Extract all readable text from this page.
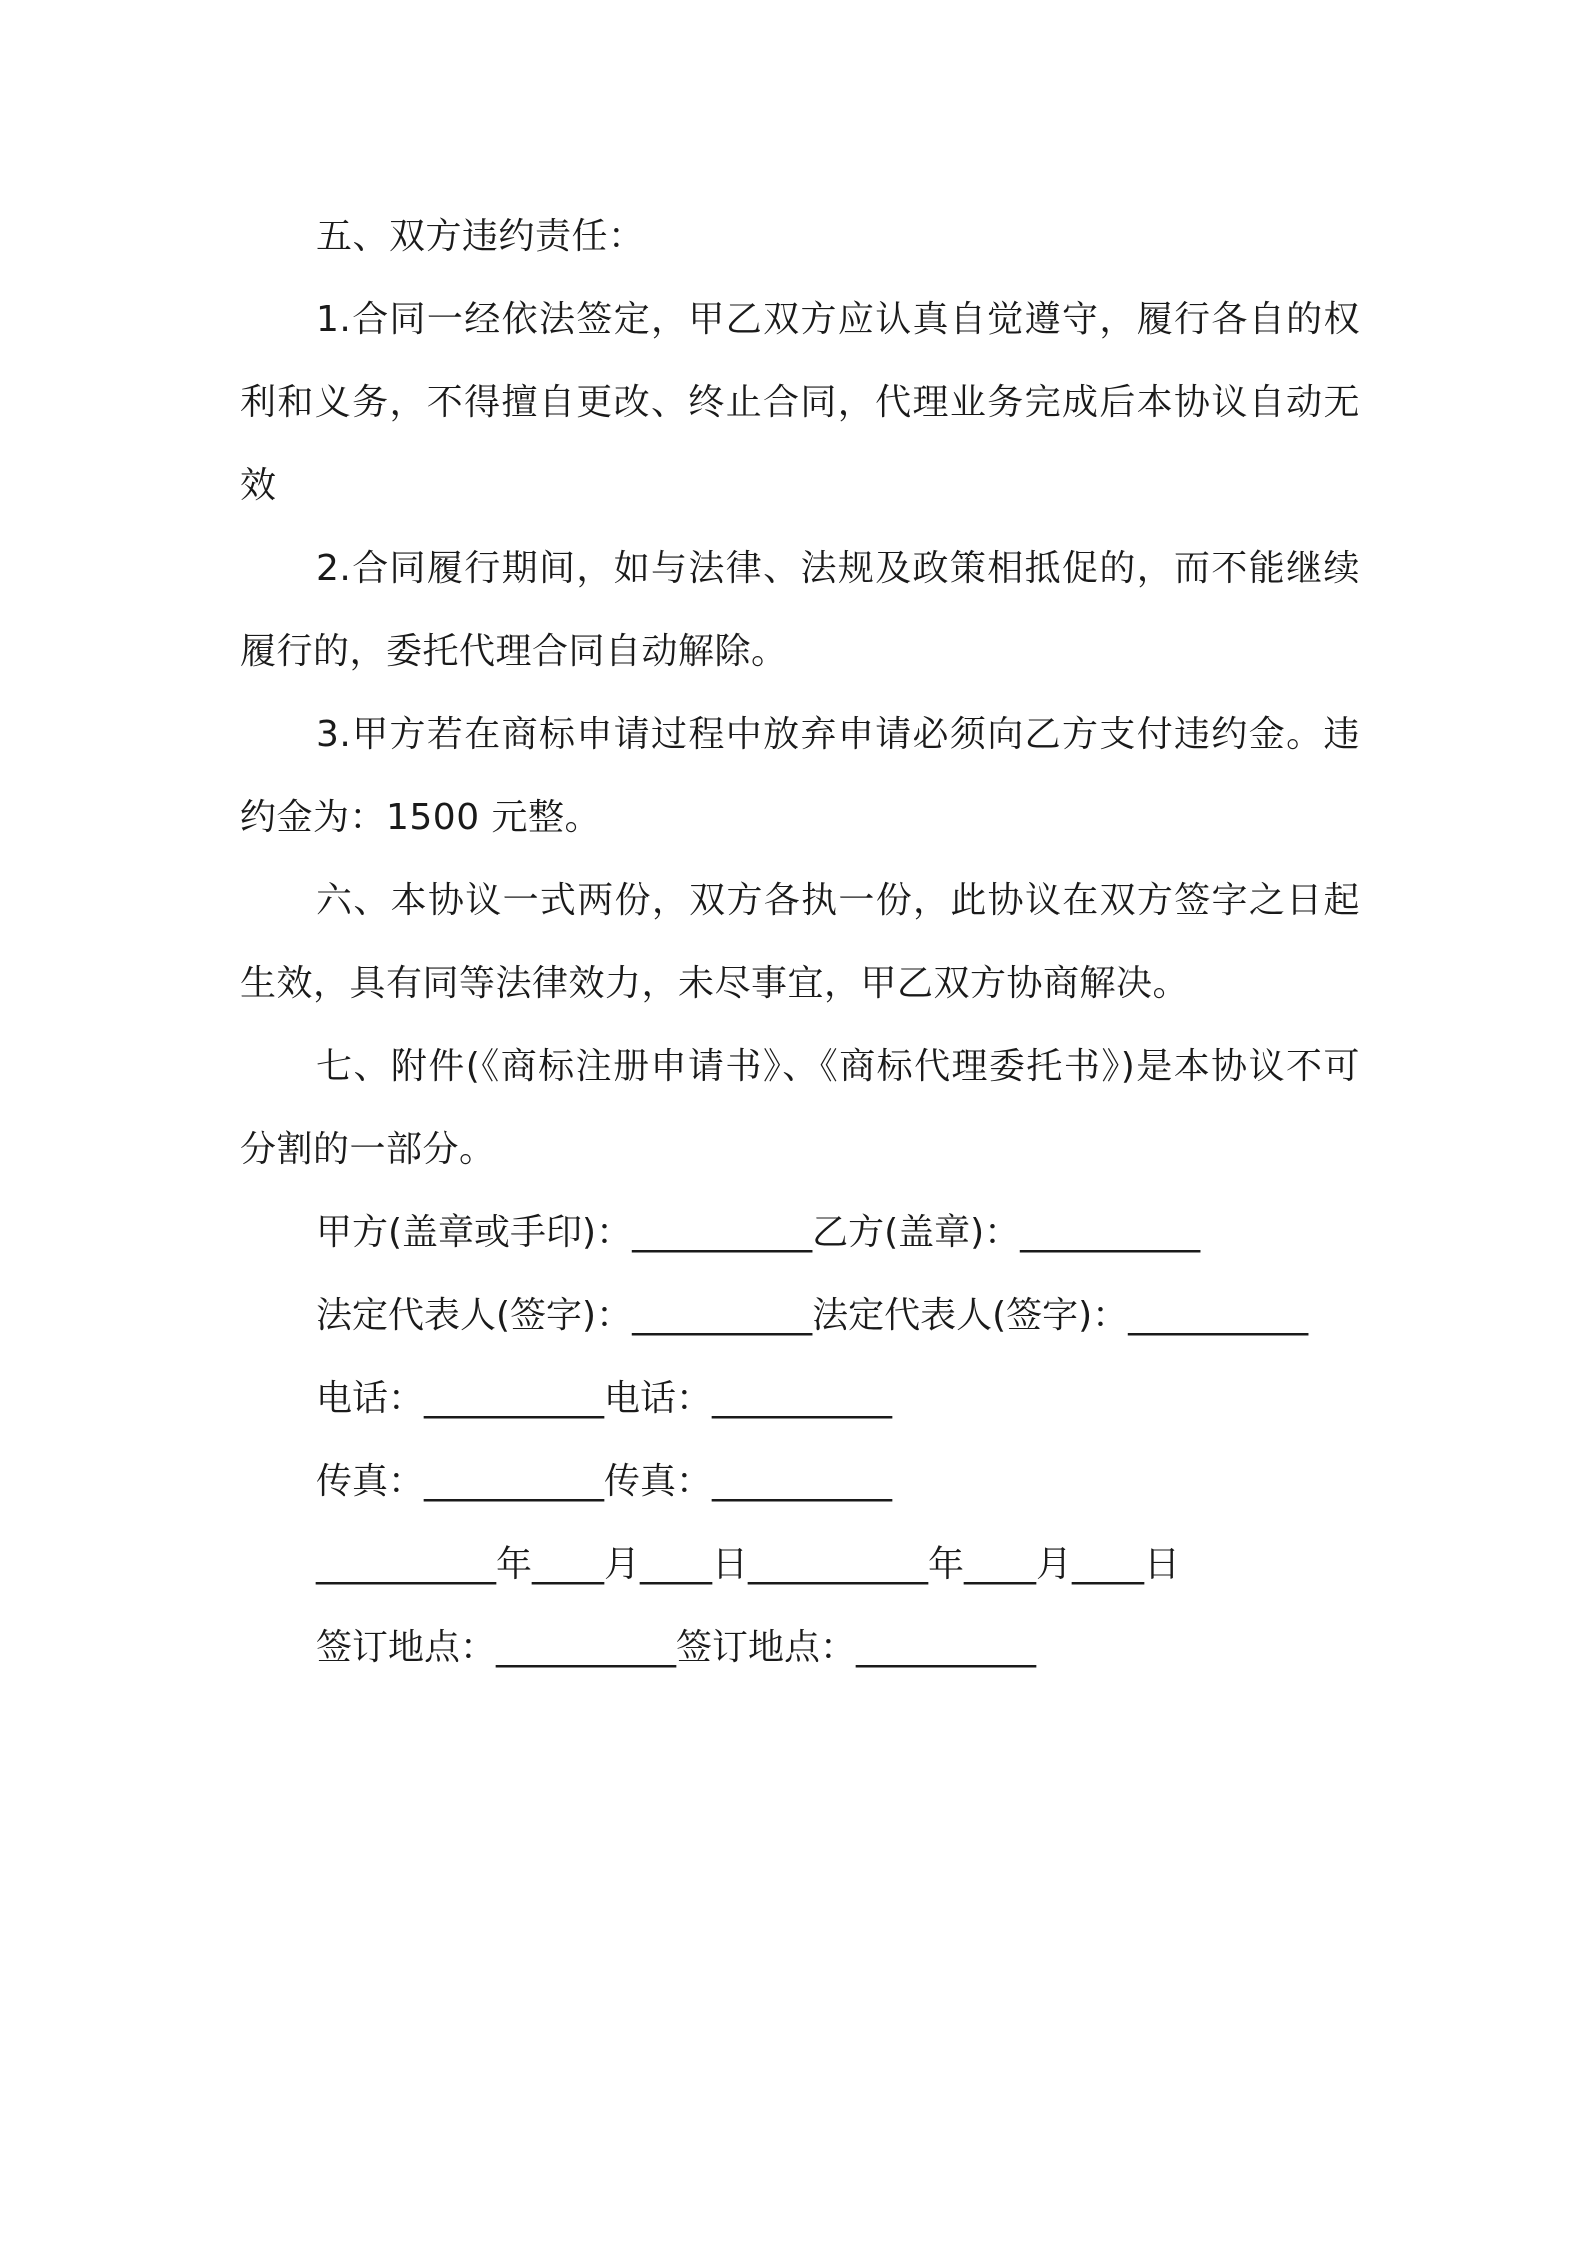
五、双方违约责任：

1.合同一经依法签定，甲乙双方应认真自觉遵守，履行各自的权利和义务，不得擅自更改、终止合同，代理业务完成后本协议自动无效

2.合同履行期间，如与法律、法规及政策相抵促的，而不能继续履行的，委托代理合同自动解除。

3.甲方若在商标申请过程中放弃申请必须向乙方支付违约金。违约金为：1500 元整。

六、本协议一式两份，双方各执一份，此协议在双方签字之日起生效，具有同等法律效力，未尽事宜，甲乙双方协商解决。

七、附件(《商标注册申请书》、《商标代理委托书》)是本协议不可分割的一部分。

甲方(盖章或手印)：__________乙方(盖章)：__________

法定代表人(签字)：__________法定代表人(签字)：__________

电话：__________电话：__________

传真：__________传真：__________

__________年____月____日__________年____月____日

签订地点：__________签订地点：__________
